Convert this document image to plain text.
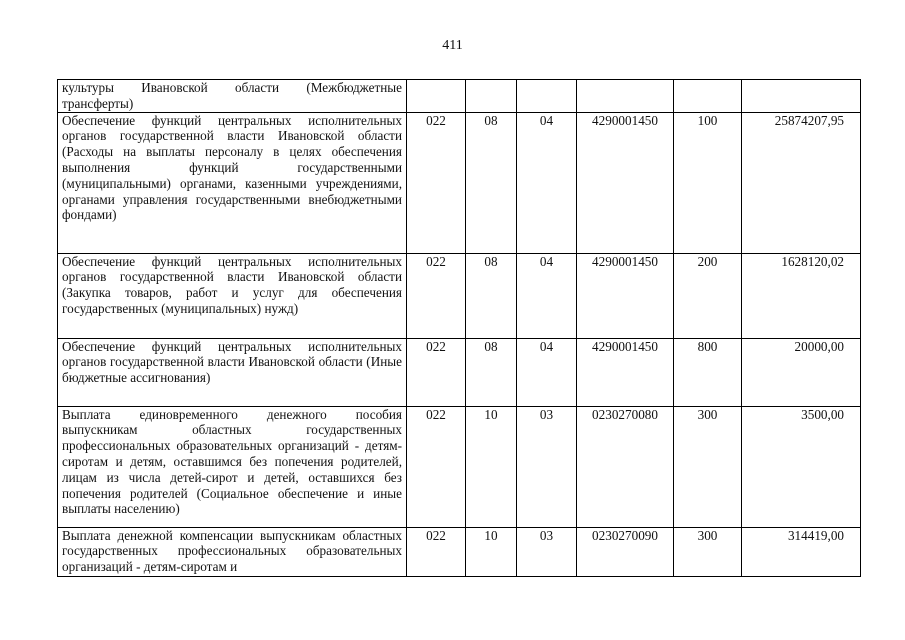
411
культуры Ивановской области (Межбюджетные трансферты)						
Обеспечение функций центральных исполнительных органов государственной власти Ивановской области (Расходы на выплаты персоналу в целях обеспечения выполнения функций государственными (муниципальными) органами, казенными учреждениями, органами управления государственными внебюджетными фондами)	022	08	04	4290001450	100	25874207,95
Обеспечение функций центральных исполнительных органов государственной власти Ивановской области (Закупка товаров, работ и услуг для обеспечения государственных (муниципальных) нужд)	022	08	04	4290001450	200	1628120,02
Обеспечение функций центральных исполнительных органов государственной власти Ивановской области (Иные бюджетные ассигнования)	022	08	04	4290001450	800	20000,00
Выплата единовременного денежного пособия выпускникам областных государственных профессиональных образовательных организаций - детям-сиротам и детям, оставшимся без попечения родителей, лицам из числа детей-сирот и детей, оставшихся без попечения родителей (Социальное обеспечение и иные выплаты населению)	022	10	03	0230270080	300	3500,00
Выплата денежной компенсации выпускникам областных государственных профессиональных образовательных организаций - детям-сиротам и	022	10	03	0230270090	300	314419,00
